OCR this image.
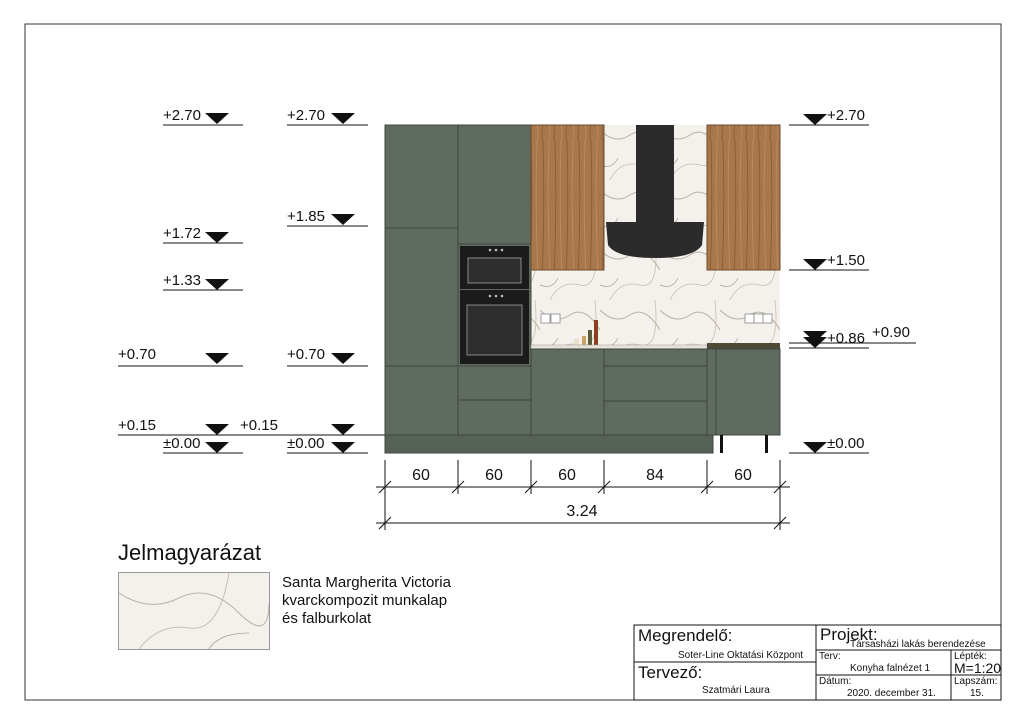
+2.70
+1.72
+1.33
+0.70
+0.15
±0.00
+2.70
+1.85
+0.70
+0.15
±0.00
+2.70
+1.50
+0.86 +0.90
±0.00
60	60	60	84	60
3.24
Jelmagyarázat
Santa Margherita Victoria
kvarckompozit munkalap
és falburkolat
Megrendelő:
Soter-Line Oktatási Központ
Tervező:
Szatmári Laura
Projekt:
Társasházi lakás berendezése
Terv:
Konyha falnézet 1
Dátum:
2020. december 31.
Lépték:
M=1:20
Lapszám:
15.
